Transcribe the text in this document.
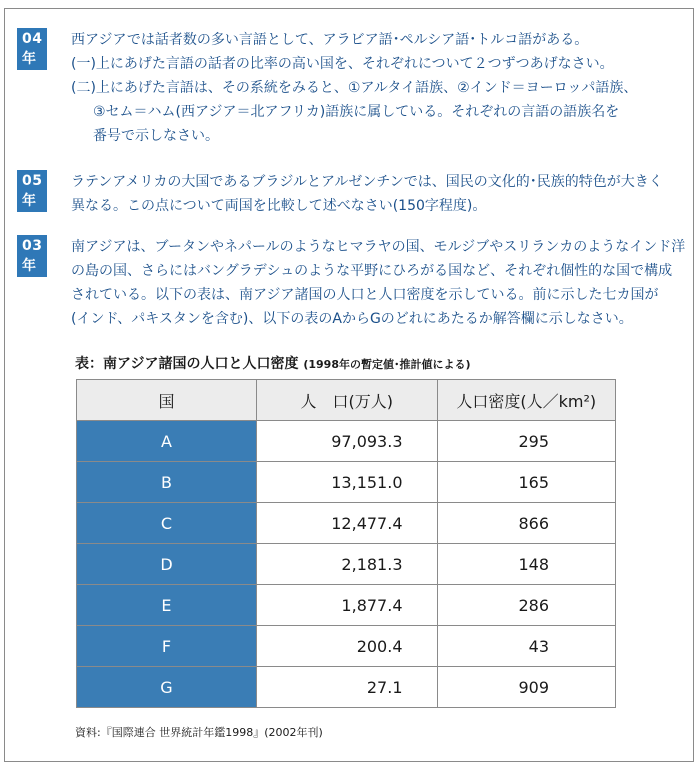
04年

西アジアでは話者数の多い言語として、アラビア語･ペルシア語･トルコ語がある。
(一)上にあげた言語の話者の比率の高い国を、それぞれについて２つずつあげなさい。
(二)上にあげた言語は、その系統をみると、①アルタイ語族、②インド＝ヨーロッパ語族、
③セム＝ハム(西アジア＝北アフリカ)語族に属している。それぞれの言語の語族名を
番号で示しなさい。

05年

ラテンアメリカの大国であるブラジルとアルゼンチンでは、国民の文化的･民族的特色が大きく
異なる。この点について両国を比較して述べなさい(150字程度)。

03年

南アジアは、ブータンやネパールのようなヒマラヤの国、モルジブやスリランカのようなインド洋
の島の国、さらにはバングラデシュのような平野にひろがる国など、それぞれ個性的な国で構成
されている。以下の表は、南アジア諸国の人口と人口密度を示している。前に示した七カ国が
(インド、パキスタンを含む)、以下の表のAからGのどれにあたるか解答欄に示しなさい。

表：南アジア諸国の人口と人口密度 (1998年の暫定値･推計値による)
国	人　口(万人)	人口密度(人／km²)
A	97,093.3	295
B	13,151.0	165
C	12,477.4	866
D	2,181.3	148
E	1,877.4	286
F	200.4	43
G	27.1	909
資料:『国際連合 世界統計年鑑1998』(2002年刊)
